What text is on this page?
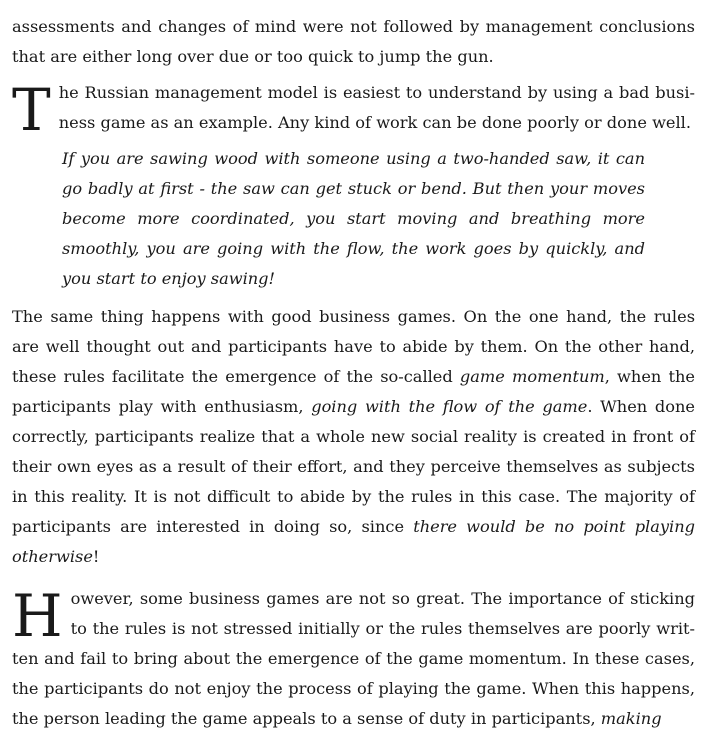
assessments and changes of mind were not followed by management conclusions that are either long over due or too quick to jump the gun.

The Russian management model is easiest to understand by using a bad business game as an example. Any kind of work can be done poorly or done well.

If you are sawing wood with someone using a two-handed saw, it can go badly at first - the saw can get stuck or bend. But then your moves become more coordinated, you start moving and breathing more smoothly, you are going with the flow, the work goes by quickly, and you start to enjoy sawing!

The same thing happens with good business games. On the one hand, the rules are well thought out and participants have to abide by them. On the other hand, these rules facilitate the emergence of the so-called game momentum, when the participants play with enthusiasm, going with the flow of the game. When done correctly, participants realize that a whole new social reality is created in front of their own eyes as a result of their effort, and they perceive themselves as subjects in this reality. It is not difficult to abide by the rules in this case. The majority of participants are interested in doing so, since there would be no point playing otherwise!

However, some business games are not so great. The importance of sticking to the rules is not stressed initially or the rules themselves are poorly written and fail to bring about the emergence of the game momentum. In these cases, the participants do not enjoy the process of playing the game. When this happens, the person leading the game appeals to a sense of duty in participants, making
